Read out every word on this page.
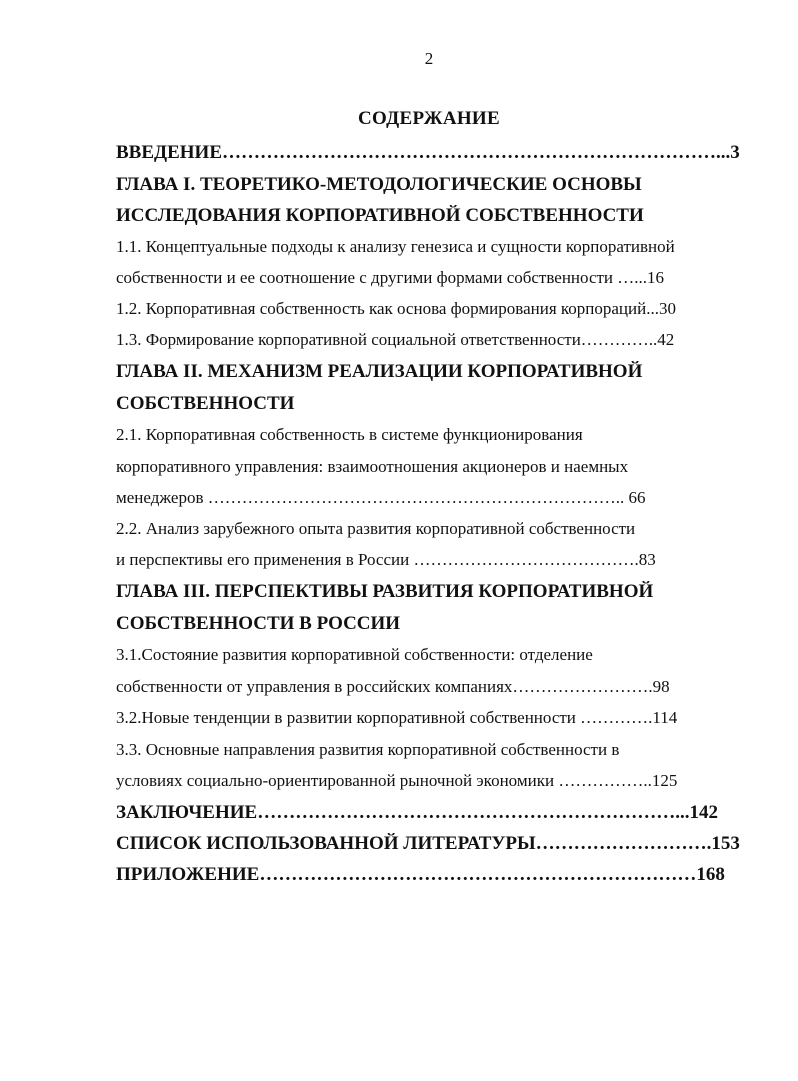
2
СОДЕРЖАНИЕ
ВВЕДЕНИЕ……………………………………………………………………...3
ГЛАВА I. ТЕОРЕТИКО-МЕТОДОЛОГИЧЕСКИЕ ОСНОВЫ
ИССЛЕДОВАНИЯ КОРПОРАТИВНОЙ СОБСТВЕННОСТИ
1.1. Концептуальные подходы к анализу генезиса и сущности корпоративной
собственности и ее соотношение с другими формами собственности …...16
1.2. Корпоративная собственность как основа формирования корпораций...30
1.3. Формирование корпоративной социальной ответственности…………..42
ГЛАВА II. МЕХАНИЗМ РЕАЛИЗАЦИИ КОРПОРАТИВНОЙ
СОБСТВЕННОСТИ
2.1. Корпоративная собственность в системе функционирования
корпоративного управления: взаимоотношения акционеров и наемных
менеджеров ……………………………………………………………….. 66
2.2. Анализ зарубежного опыта развития корпоративной собственности
и перспективы его применения в России ………………………………….83
ГЛАВА III. ПЕРСПЕКТИВЫ РАЗВИТИЯ КОРПОРАТИВНОЙ
СОБСТВЕННОСТИ В РОССИИ
3.1.Состояние развития корпоративной собственности: отделение
собственности от управления в российских компаниях…………………….98
3.2.Новые тенденции в развитии корпоративной собственности ………….114
3.3. Основные направления развития корпоративной собственности в
условиях социально-ориентированной рыночной экономики ……………..125
ЗАКЛЮЧЕНИЕ…………………………………………………………...142
СПИСОК ИСПОЛЬЗОВАННОЙ ЛИТЕРАТУРЫ……………………….153
ПРИЛОЖЕНИЕ……………………………………………………………168
